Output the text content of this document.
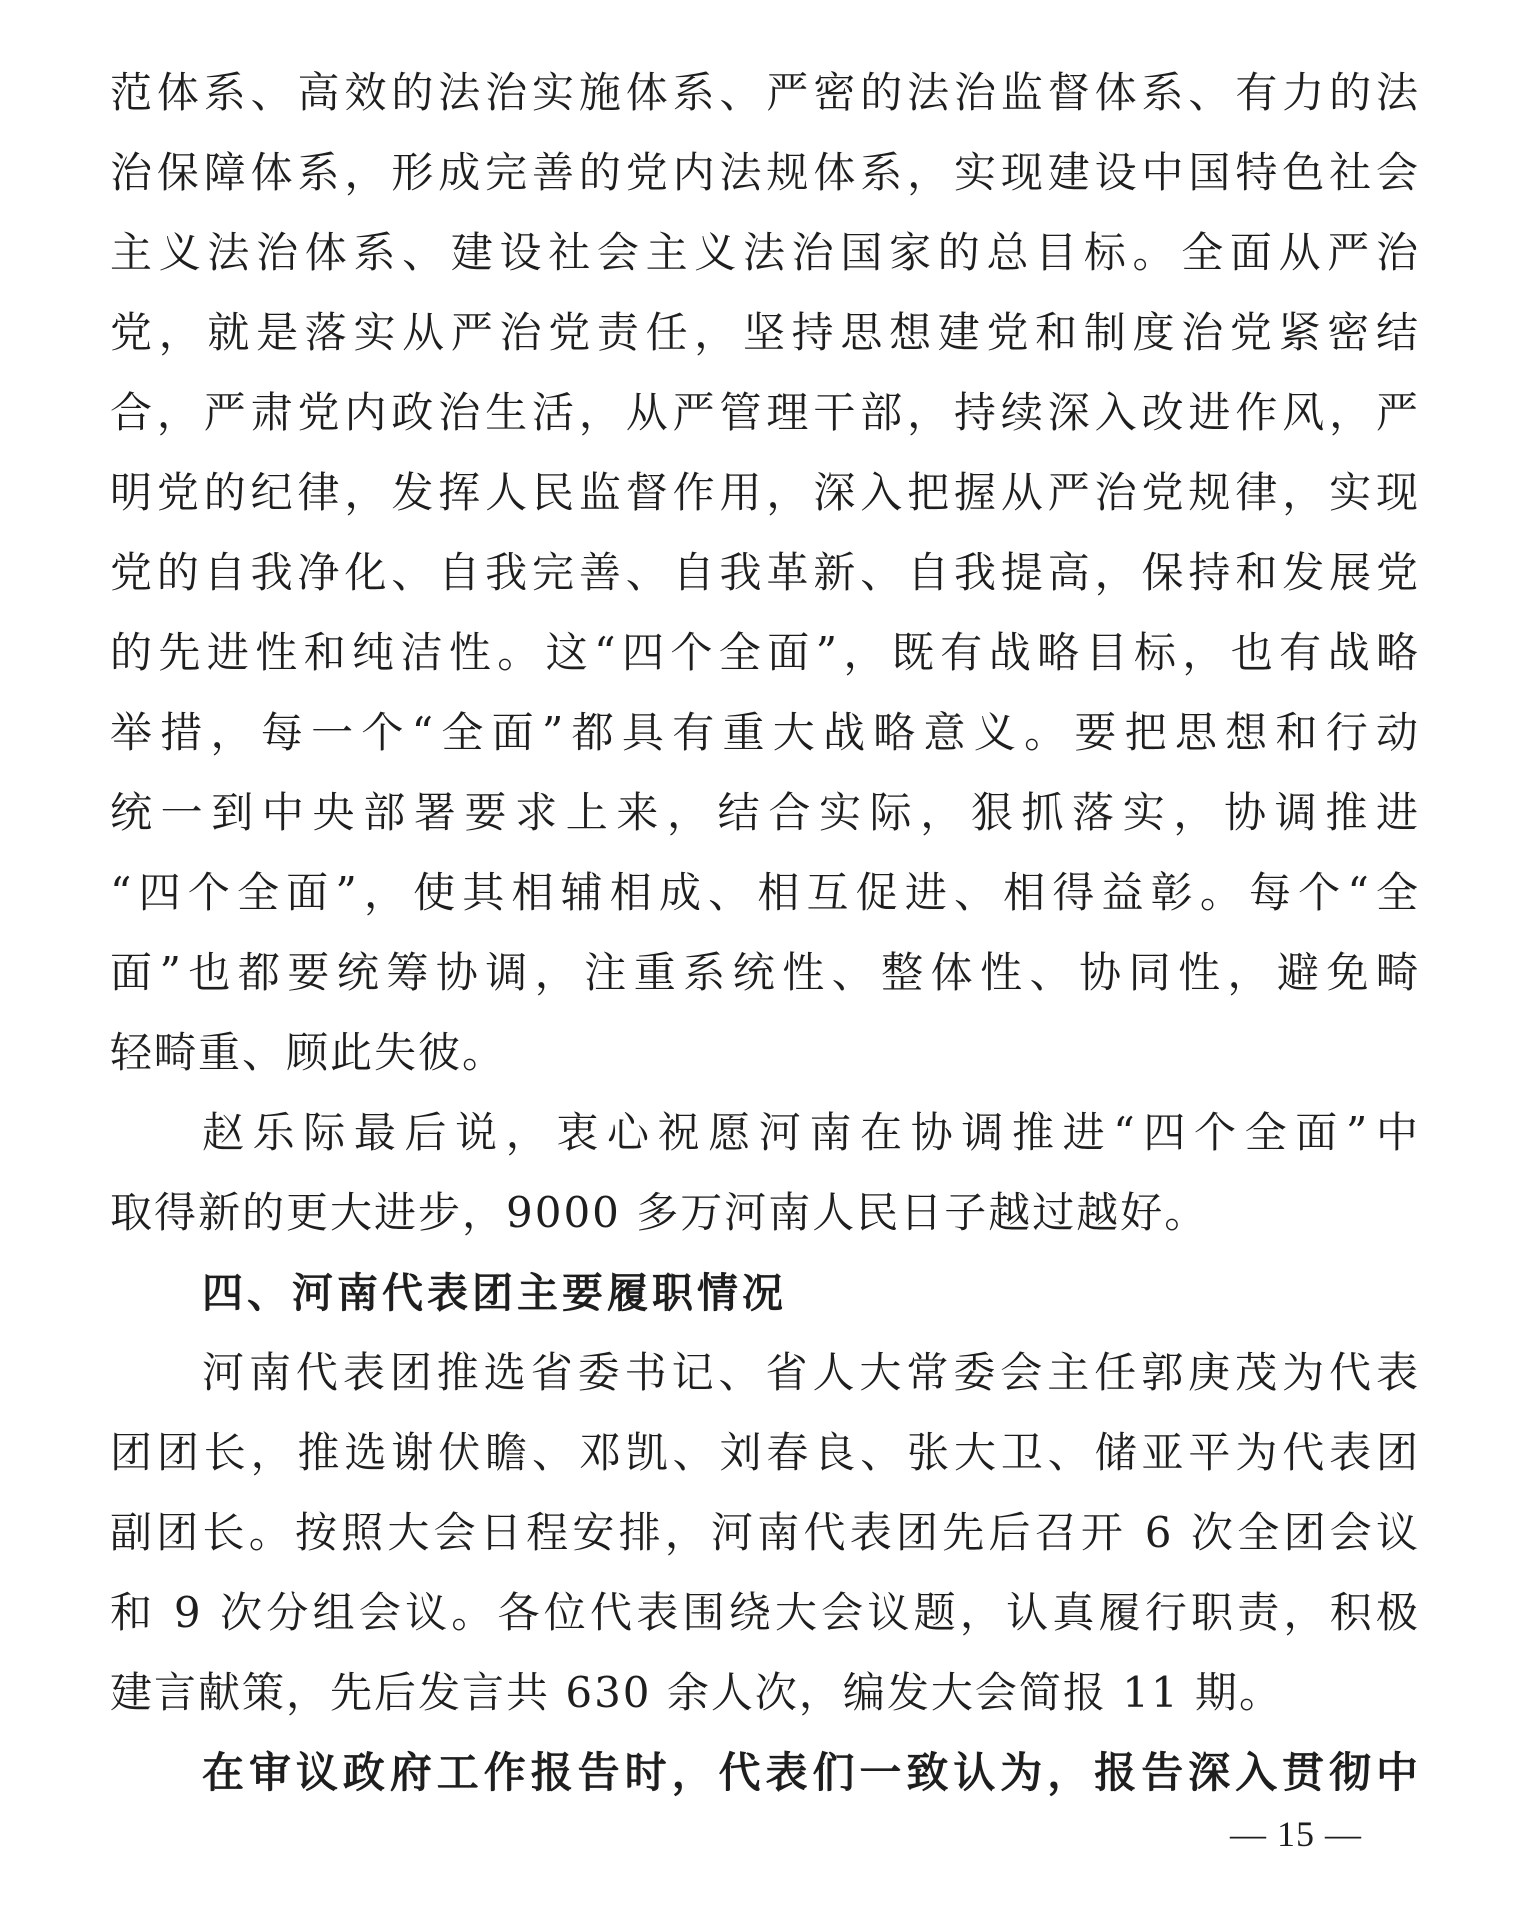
范体系、高效的法治实施体系、严密的法治监督体系、有力的法
治保障体系，形成完善的党内法规体系，实现建设中国特色社会
主义法治体系、建设社会主义法治国家的总目标。全面从严治
党，就是落实从严治党责任，坚持思想建党和制度治党紧密结
合，严肃党内政治生活，从严管理干部，持续深入改进作风，严
明党的纪律，发挥人民监督作用，深入把握从严治党规律，实现
党的自我净化、自我完善、自我革新、自我提高，保持和发展党
的先进性和纯洁性。这“四个全面”，既有战略目标，也有战略
举措，每一个“全面”都具有重大战略意义。要把思想和行动
统一到中央部署要求上来，结合实际，狠抓落实，协调推进
“四个全面”，使其相辅相成、相互促进、相得益彰。每个“全
面”也都要统筹协调，注重系统性、整体性、协同性，避免畸
轻畸重、顾此失彼。
赵乐际最后说，衷心祝愿河南在协调推进“四个全面”中
取得新的更大进步，9000 多万河南人民日子越过越好。
四、河南代表团主要履职情况
河南代表团推选省委书记、省人大常委会主任郭庚茂为代表
团团长，推选谢伏瞻、邓凯、刘春良、张大卫、储亚平为代表团
副团长。按照大会日程安排，河南代表团先后召开 6 次全团会议
和 9 次分组会议。各位代表围绕大会议题，认真履行职责，积极
建言献策，先后发言共 630 余人次，编发大会简报 11 期。
在审议政府工作报告时，代表们一致认为，报告深入贯彻中
— 15 —
